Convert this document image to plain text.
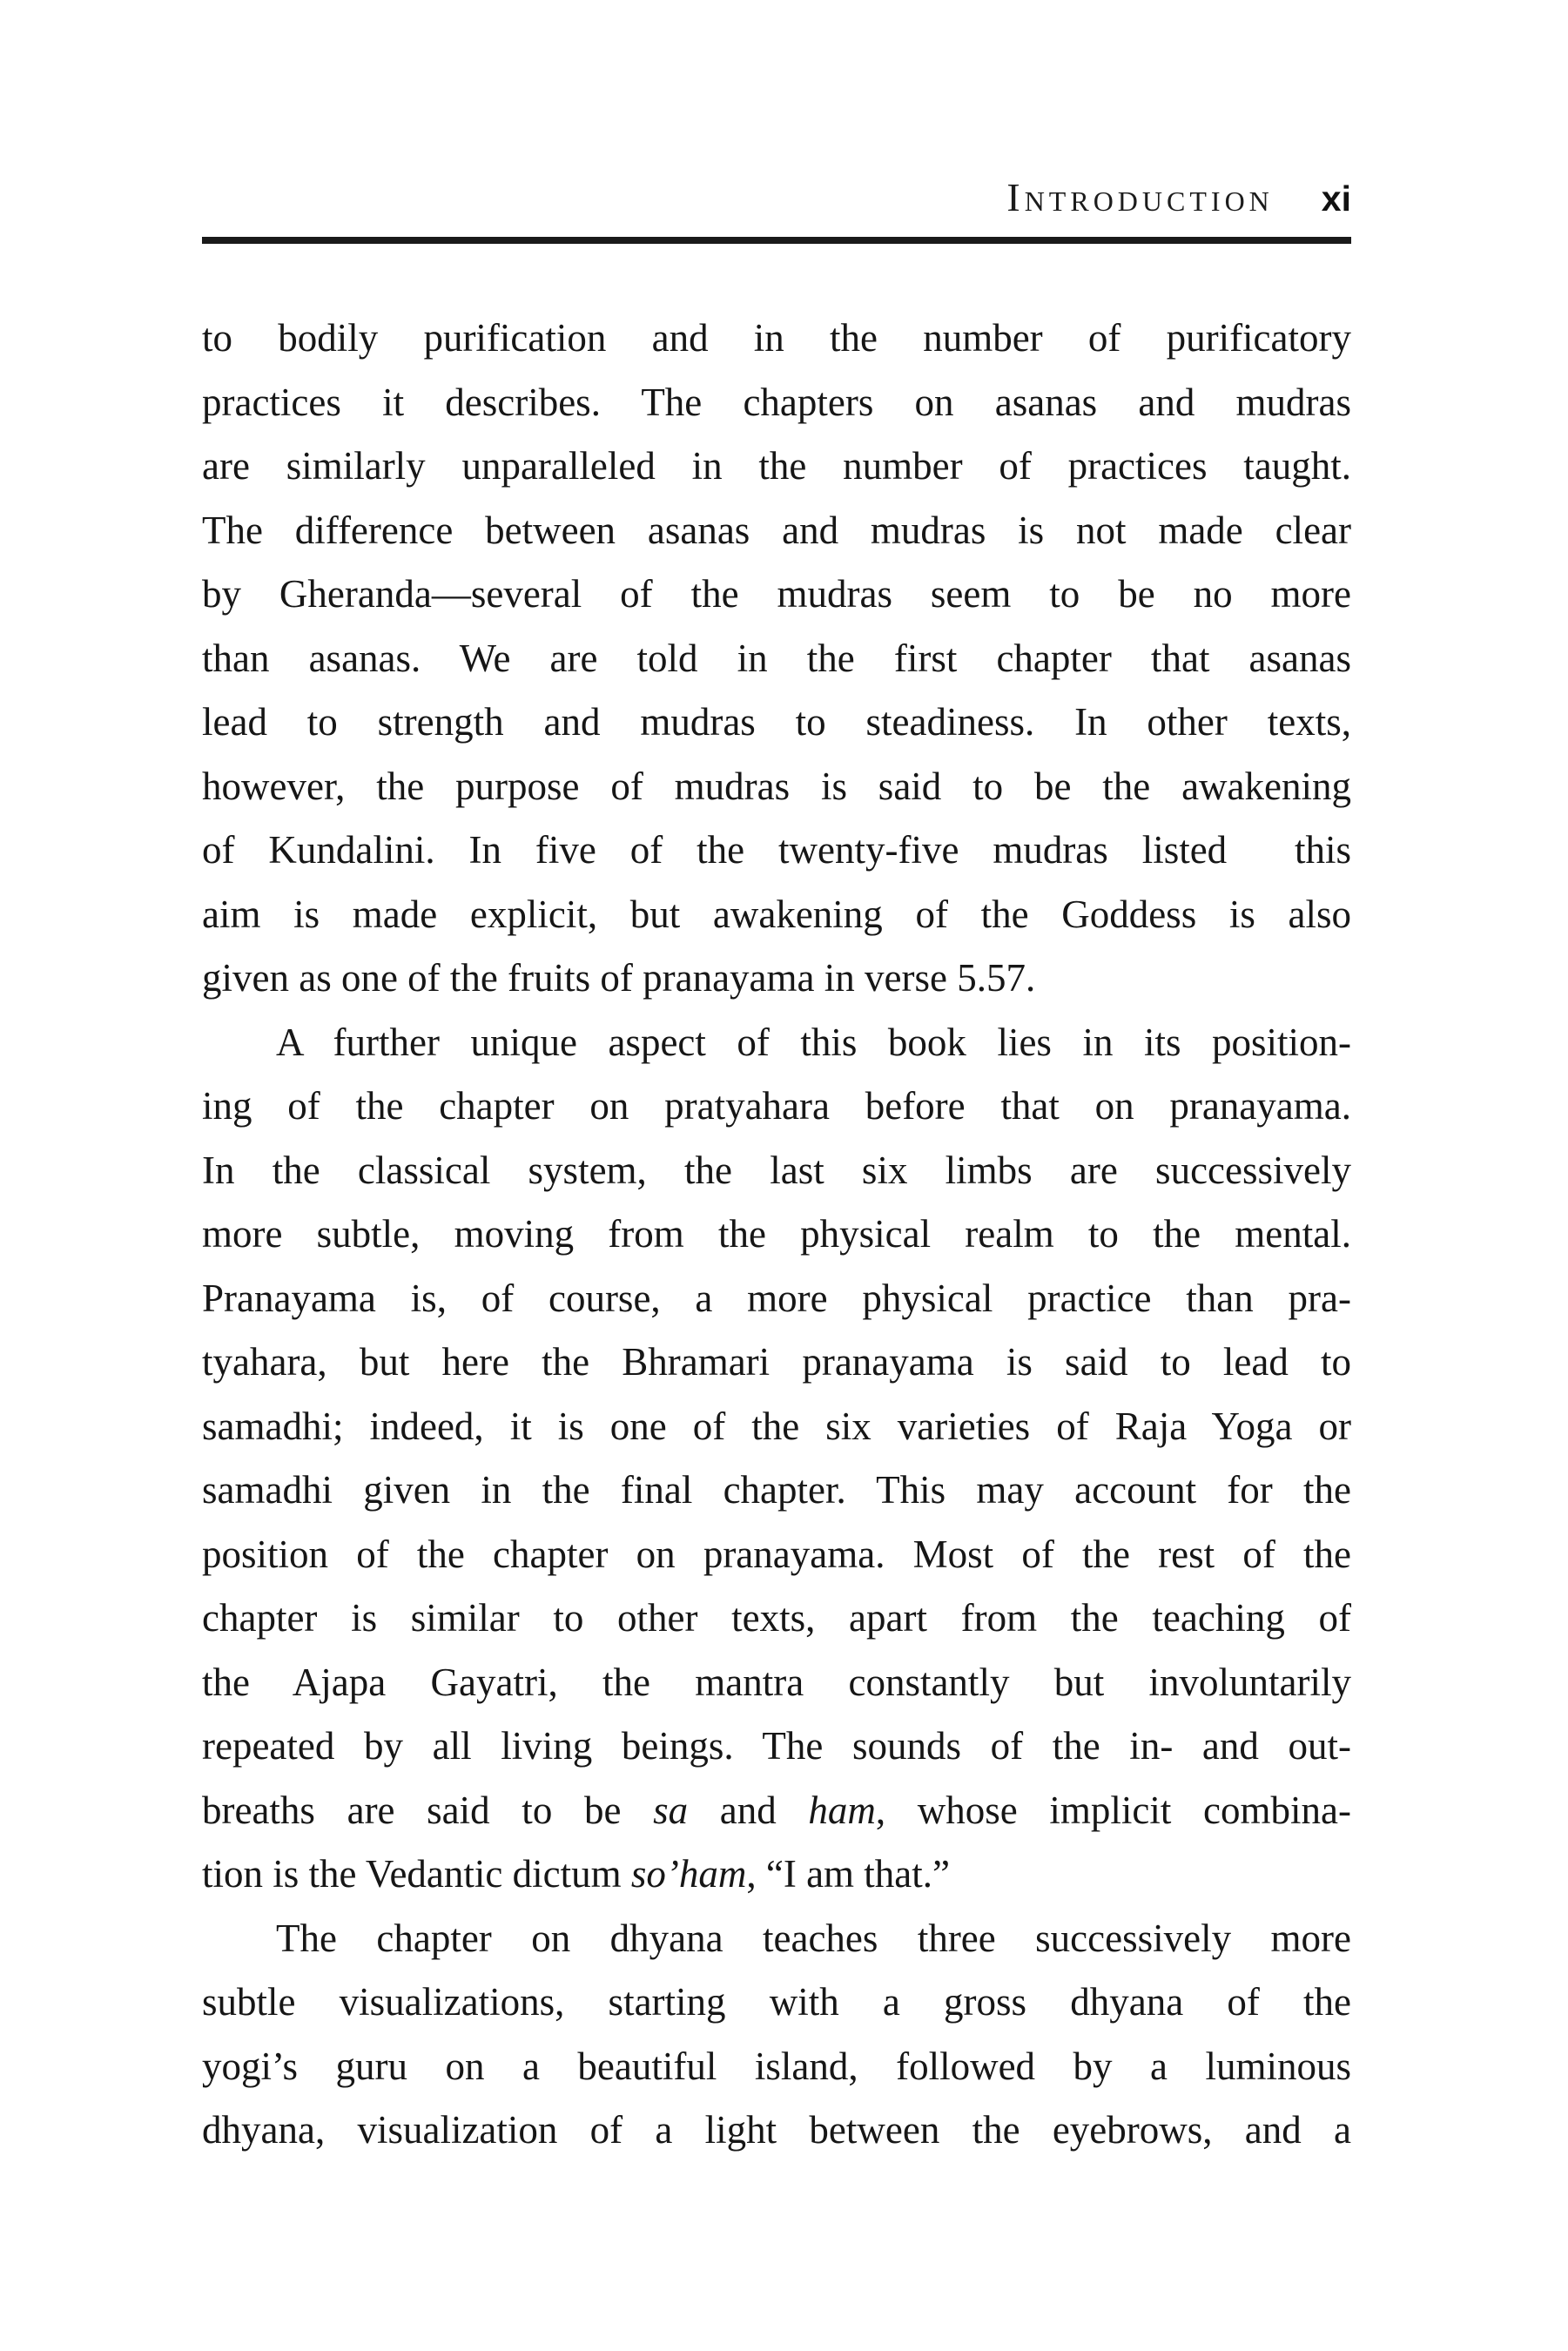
Introduction xi
to bodily purification and in the number of purificatory
practices it describes. The chapters on asanas and mudras
are similarly unparalleled in the number of practices taught.
The difference between asanas and mudras is not made clear
by Gheranda—several of the mudras seem to be no more
than asanas. We are told in the first chapter that asanas
lead to strength and mudras to steadiness. In other texts,
however, the purpose of mudras is said to be the awakening
of Kundalini. In five of the twenty-five mudras listed  this
aim is made explicit, but awakening of the Goddess is also
given as one of the fruits of pranayama in verse 5.57.
A further unique aspect of this book lies in its position-
ing of the chapter on pratyahara before that on pranayama.
In the classical system, the last six limbs are successively
more subtle, moving from the physical realm to the mental.
Pranayama is, of course, a more physical practice than pra-
tyahara, but here the Bhramari pranayama is said to lead to
samadhi; indeed, it is one of the six varieties of Raja Yoga or
samadhi given in the final chapter. This may account for the
position of the chapter on pranayama. Most of the rest of the
chapter is similar to other texts, apart from the teaching of
the Ajapa Gayatri, the mantra constantly but involuntarily
repeated by all living beings. The sounds of the in- and out-
breaths are said to be sa and ham, whose implicit combina-
tion is the Vedantic dictum so’ham, “I am that.”
The chapter on dhyana teaches three successively more
subtle visualizations, starting with a gross dhyana of the
yogi’s guru on a beautiful island, followed by a luminous
dhyana, visualization of a light between the eyebrows, and a
